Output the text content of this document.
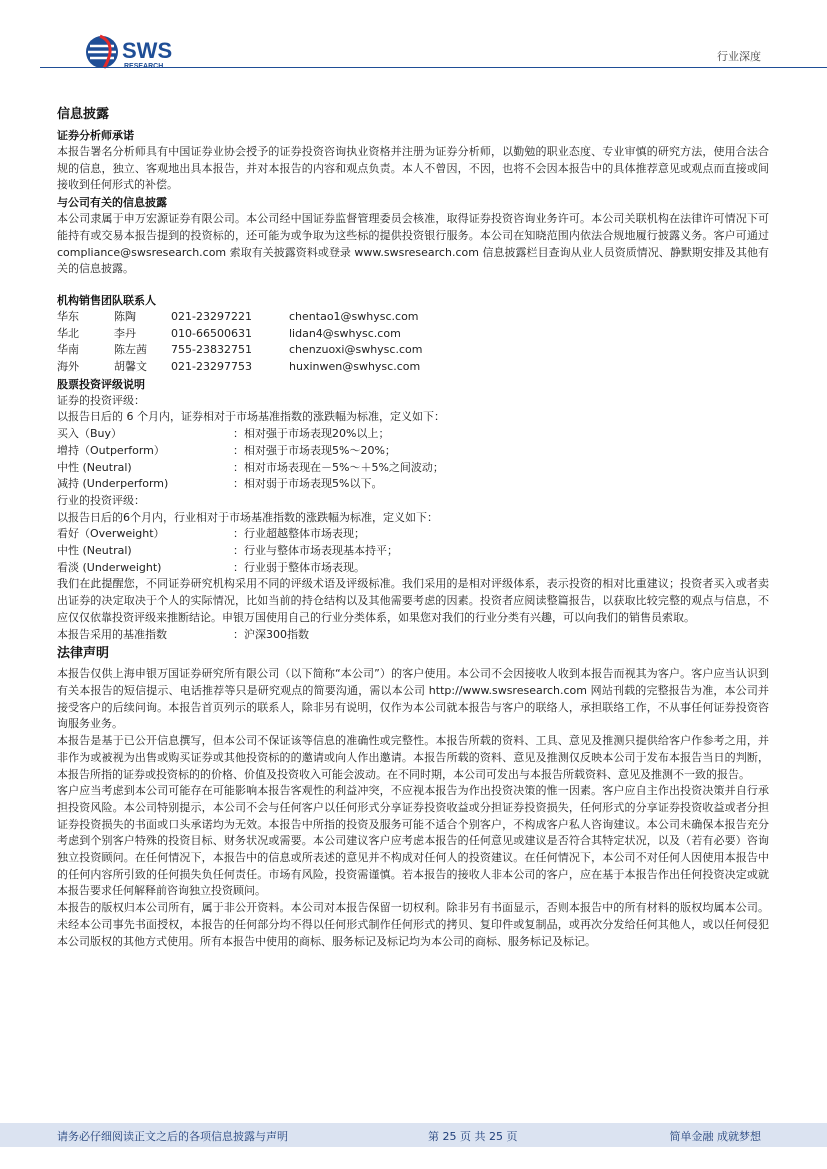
SWS	行业深度
信息披露
证券分析师承诺

本报告署名分析师具有中国证券业协会授予的证券投资咨询执业资格并注册为证券分析师，以勤勉的职业态度、专业审慎的研究方法，使用合法合规的信息，独立、客观地出具本报告，并对本报告的内容和观点负责。本人不曾因，不因，也将不会因本报告中的具体推荐意见或观点而直接或间接收到任何形式的补偿。

与公司有关的信息披露

本公司隶属于申万宏源证券有限公司。本公司经中国证券监督管理委员会核准，取得证券投资咨询业务许可。本公司关联机构在法律许可情况下可能持有或交易本报告提到的投资标的，还可能为或争取为这些标的提供投资银行服务。本公司在知晓范围内依法合规地履行披露义务。客户可通过 compliance@swsresearch.com 索取有关披露资料或登录 www.swsresearch.com 信息披露栏目查询从业人员资质情况、静默期安排及其他有关的信息披露。

机构销售团队联系人
华东	陈陶	021-23297221	chentao1@swhysc.com
华北	李丹	010-66500631	lidan4@swhysc.com
华南	陈左茜	755-23832751	chenzuoxi@swhysc.com
海外	胡馨文	021-23297753	huxinwen@swhysc.com
股票投资评级说明

证券的投资评级：

以报告日后的 6 个月内，证券相对于市场基准指数的涨跌幅为标准，定义如下：

买入（Buy）	：相对强于市场表现20%以上；
增持（Outperform）	：相对强于市场表现5%～20%；
中性 (Neutral)	：相对市场表现在－5%～＋5%之间波动；
减持 (Underperform)	：相对弱于市场表现5%以下。

行业的投资评级：

以报告日后的6个月内，行业相对于市场基准指数的涨跌幅为标准，定义如下：

看好（Overweight）	：行业超越整体市场表现；
中性 (Neutral)	：行业与整体市场表现基本持平；
看淡 (Underweight)	：行业弱于整体市场表现。

我们在此提醒您，不同证券研究机构采用不同的评级术语及评级标准。我们采用的是相对评级体系，表示投资的相对比重建议；投资者买入或者卖出证券的决定取决于个人的实际情况，比如当前的持仓结构以及其他需要考虑的因素。投资者应阅读整篇报告，以获取比较完整的观点与信息，不应仅仅依靠投资评级来推断结论。申银万国使用自己的行业分类体系，如果您对我们的行业分类有兴趣，可以向我们的销售员索取。

本报告采用的基准指数	：沪深300指数
法律声明

本报告仅供上海申银万国证券研究所有限公司（以下简称“本公司”）的客户使用。本公司不会因接收人收到本报告而视其为客户。客户应当认识到有关本报告的短信提示、电话推荐等只是研究观点的简要沟通，需以本公司 http://www.swsresearch.com 网站刊载的完整报告为准，本公司并接受客户的后续问询。本报告首页列示的联系人，除非另有说明，仅作为本公司就本报告与客户的联络人，承担联络工作，不从事任何证券投资咨询服务业务。

本报告是基于已公开信息撰写，但本公司不保证该等信息的准确性或完整性。本报告所载的资料、工具、意见及推测只提供给客户作参考之用，并非作为或被视为出售或购买证券或其他投资标的的邀请或向人作出邀请。本报告所载的资料、意见及推测仅反映本公司于发布本报告当日的判断，本报告所指的证券或投资标的的价格、价值及投资收入可能会波动。在不同时期，本公司可发出与本报告所载资料、意见及推测不一致的报告。

客户应当考虑到本公司可能存在可能影响本报告客观性的利益冲突，不应视本报告为作出投资决策的惟一因素。客户应自主作出投资决策并自行承担投资风险。本公司特别提示，本公司不会与任何客户以任何形式分享证券投资收益或分担证券投资损失，任何形式的分享证券投资收益或者分担证券投资损失的书面或口头承诺均为无效。本报告中所指的投资及服务可能不适合个别客户，不构成客户私人咨询建议。本公司未确保本报告充分考虑到个别客户特殊的投资目标、财务状况或需要。本公司建议客户应考虑本报告的任何意见或建议是否符合其特定状况，以及（若有必要）咨询独立投资顾问。在任何情况下，本报告中的信息或所表述的意见并不构成对任何人的投资建议。在任何情况下，本公司不对任何人因使用本报告中的任何内容所引致的任何损失负任何责任。市场有风险，投资需谨慎。若本报告的接收人非本公司的客户，应在基于本报告作出任何投资决定或就本报告要求任何解释前咨询独立投资顾问。

本报告的版权归本公司所有，属于非公开资料。本公司对本报告保留一切权利。除非另有书面显示，否则本报告中的所有材料的版权均属本公司。未经本公司事先书面授权，本报告的任何部分均不得以任何形式制作任何形式的拷贝、复印件或复制品，或再次分发给任何其他人，或以任何侵犯本公司版权的其他方式使用。所有本报告中使用的商标、服务标记及标记均为本公司的商标、服务标记及标记。

请务必仔细阅读正文之后的各项信息披露与声明	第 25 页 共 25 页	简单金融 成就梦想
